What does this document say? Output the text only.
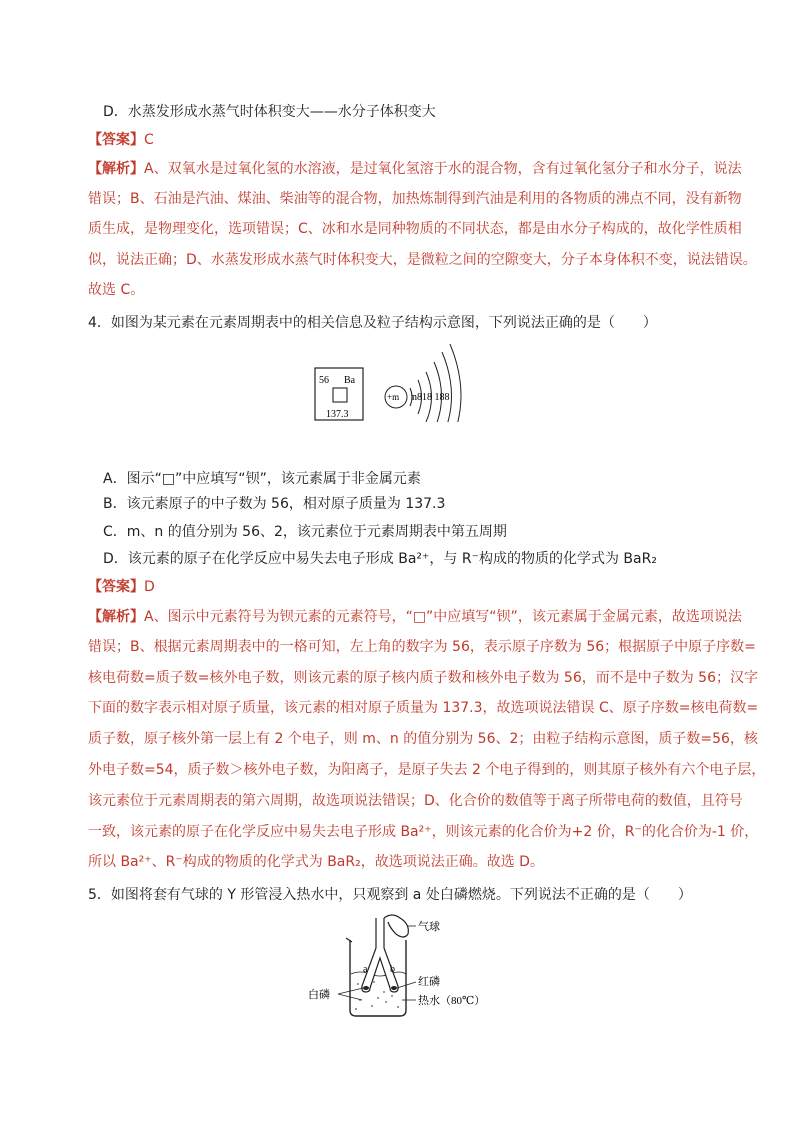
D．水蒸发形成水蒸气时体积变大——水分子体积变大
【答案】C
【解析】A、双氧水是过氧化氢的水溶液，是过氧化氢溶于水的混合物，含有过氧化氢分子和水分子，说法
错误；B、石油是汽油、煤油、柴油等的混合物，加热炼制得到汽油是利用的各物质的沸点不同，没有新物
质生成，是物理变化，选项错误；C、冰和水是同种物质的不同状态，都是由水分子构成的，故化学性质相
似，说法正确；D、水蒸发形成水蒸气时体积变大，是微粒之间的空隙变大，分子本身体积不变，说法错误。
故选 C。
4．如图为某元素在元素周期表中的相关信息及粒子结构示意图，下列说法正确的是（　　）
56 Ba
137.3
+m n818 188
A．图示“□”中应填写“钡”，该元素属于非金属元素
B．该元素原子的中子数为 56，相对原子质量为 137.3
C．m、n 的值分别为 56、2，该元素位于元素周期表中第五周期
D．该元素的原子在化学反应中易失去电子形成 Ba²⁺，与 R⁻构成的物质的化学式为 BaR₂
【答案】D
【解析】A、图示中元素符号为钡元素的元素符号，“□”中应填写“钡”，该元素属于金属元素，故选项说法
错误；B、根据元素周期表中的一格可知，左上角的数字为 56，表示原子序数为 56；根据原子中原子序数=
核电荷数=质子数=核外电子数，则该元素的原子核内质子数和核外电子数为 56，而不是中子数为 56；汉字
下面的数字表示相对原子质量，该元素的相对原子质量为 137.3，故选项说法错误 C、原子序数=核电荷数=
质子数，原子核外第一层上有 2 个电子，则 m、n 的值分别为 56、2；由粒子结构示意图，质子数=56，核
外电子数=54，质子数＞核外电子数，为阳离子，是原子失去 2 个电子得到的，则其原子核外有六个电子层，
该元素位于元素周期表的第六周期，故选项说法错误；D、化合价的数值等于离子所带电荷的数值，且符号
一致，该元素的原子在化学反应中易失去电子形成 Ba²⁺，则该元素的化合价为+2 价，R⁻的化合价为-1 价，
所以 Ba²⁺、R⁻构成的物质的化学式为 BaR₂，故选项说法正确。故选 D。
5．如图将套有气球的 Y 形管浸入热水中，只观察到 a 处白磷燃烧。下列说法不正确的是（　　）
a b
气球
红磷
热水（80℃）
白磷
